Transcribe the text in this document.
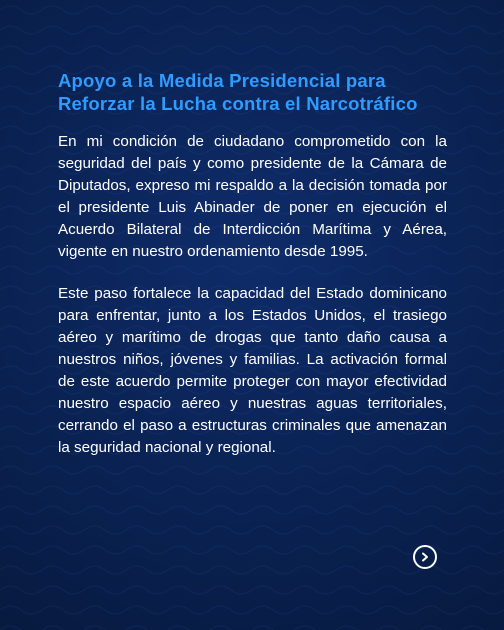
Apoyo a la Medida Presidencial para
Reforzar la Lucha contra el Narcotráfico

En mi condición de ciudadano comprometido con la seguridad del país y como presidente de la Cámara de Diputados, expreso mi respaldo a la decisión tomada por el presidente Luis Abinader de poner en ejecución el Acuerdo Bilateral de Interdicción Marítima y Aérea, vigente en nuestro ordenamiento desde 1995.

Este paso fortalece la capacidad del Estado dominicano para enfrentar, junto a los Estados Unidos, el trasiego aéreo y marítimo de drogas que tanto daño causa a nuestros niños, jóvenes y familias. La activación formal de este acuerdo permite proteger con mayor efectividad nuestro espacio aéreo y nuestras aguas territoriales, cerrando el paso a estructuras criminales que amenazan la seguridad nacional y regional.
